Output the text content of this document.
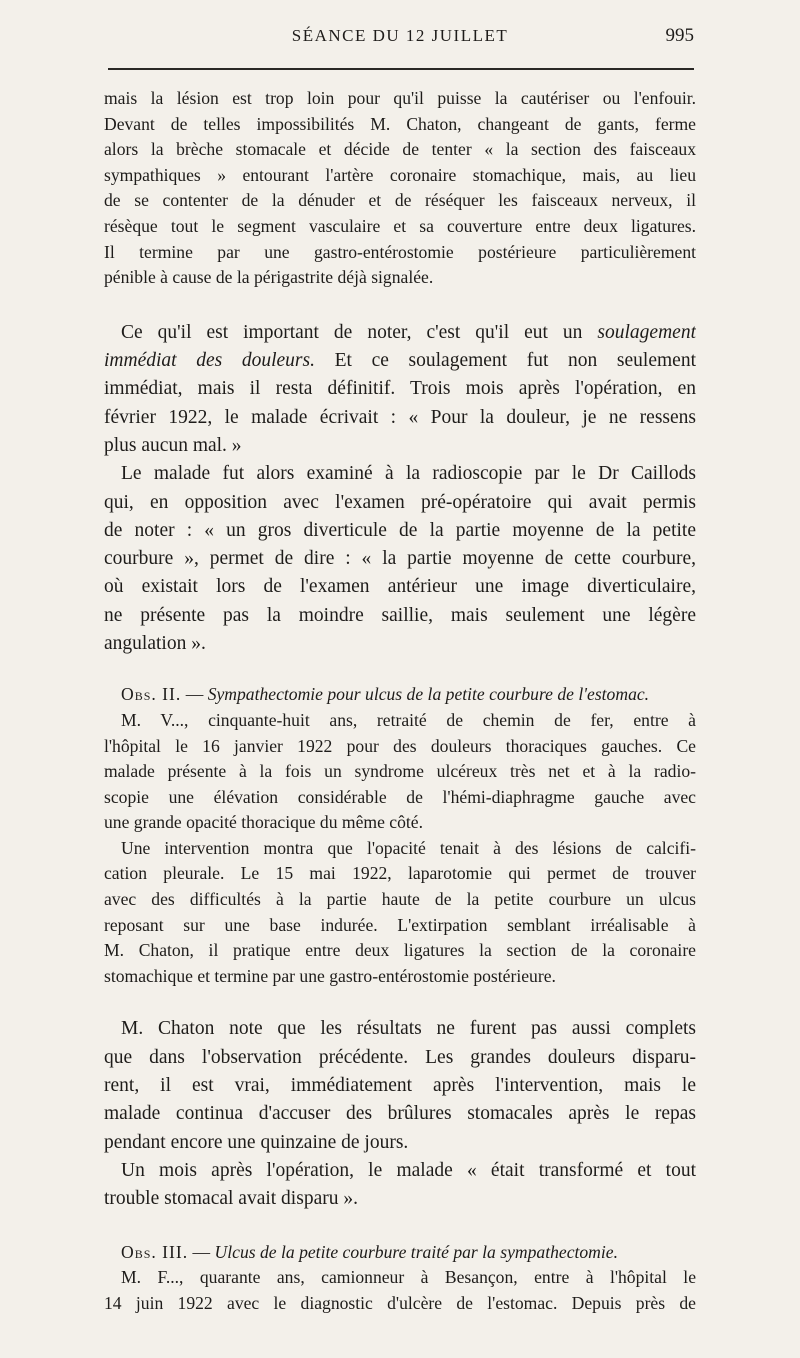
SÉANCE DU 12 JUILLET	995
mais la lésion est trop loin pour qu'il puisse la cautériser ou l'enfouir.
Devant de telles impossibilités M. Chaton, changeant de gants, ferme
alors la brèche stomacale et décide de tenter « la section des faisceaux
sympathiques » entourant l'artère coronaire stomachique, mais, au lieu
de se contenter de la dénuder et de réséquer les faisceaux nerveux, il
résèque tout le segment vasculaire et sa couverture entre deux ligatures.
Il termine par une gastro-entérostomie postérieure particulièrement
pénible à cause de la périgastrite déjà signalée.
Ce qu'il est important de noter, c'est qu'il eut un soulagement
immédiat des douleurs. Et ce soulagement fut non seulement
immédiat, mais il resta définitif. Trois mois après l'opération, en
février 1922, le malade écrivait : « Pour la douleur, je ne ressens
plus aucun mal. »
Le malade fut alors examiné à la radioscopie par le Dr Caillods
qui, en opposition avec l'examen pré-opératoire qui avait permis
de noter : « un gros diverticule de la partie moyenne de la petite
courbure », permet de dire : « la partie moyenne de cette courbure,
où existait lors de l'examen antérieur une image diverticulaire,
ne présente pas la moindre saillie, mais seulement une légère
angulation ».
Obs. II. — Sympathectomie pour ulcus de la petite courbure de l'estomac.
M. V..., cinquante-huit ans, retraité de chemin de fer, entre à
l'hôpital le 16 janvier 1922 pour des douleurs thoraciques gauches. Ce
malade présente à la fois un syndrome ulcéreux très net et à la radio-
scopie une élévation considérable de l'hémi-diaphragme gauche avec
une grande opacité thoracique du même côté.
Une intervention montra que l'opacité tenait à des lésions de calcifi-
cation pleurale. Le 15 mai 1922, laparotomie qui permet de trouver
avec des difficultés à la partie haute de la petite courbure un ulcus
reposant sur une base indurée. L'extirpation semblant irréalisable à
M. Chaton, il pratique entre deux ligatures la section de la coronaire
stomachique et termine par une gastro-entérostomie postérieure.
M. Chaton note que les résultats ne furent pas aussi complets
que dans l'observation précédente. Les grandes douleurs disparu-
rent, il est vrai, immédiatement après l'intervention, mais le
malade continua d'accuser des brûlures stomacales après le repas
pendant encore une quinzaine de jours.
Un mois après l'opération, le malade « était transformé et tout
trouble stomacal avait disparu ».
Obs. III. — Ulcus de la petite courbure traité par la sympathectomie.
M. F..., quarante ans, camionneur à Besançon, entre à l'hôpital le
14 juin 1922 avec le diagnostic d'ulcère de l'estomac. Depuis près de
